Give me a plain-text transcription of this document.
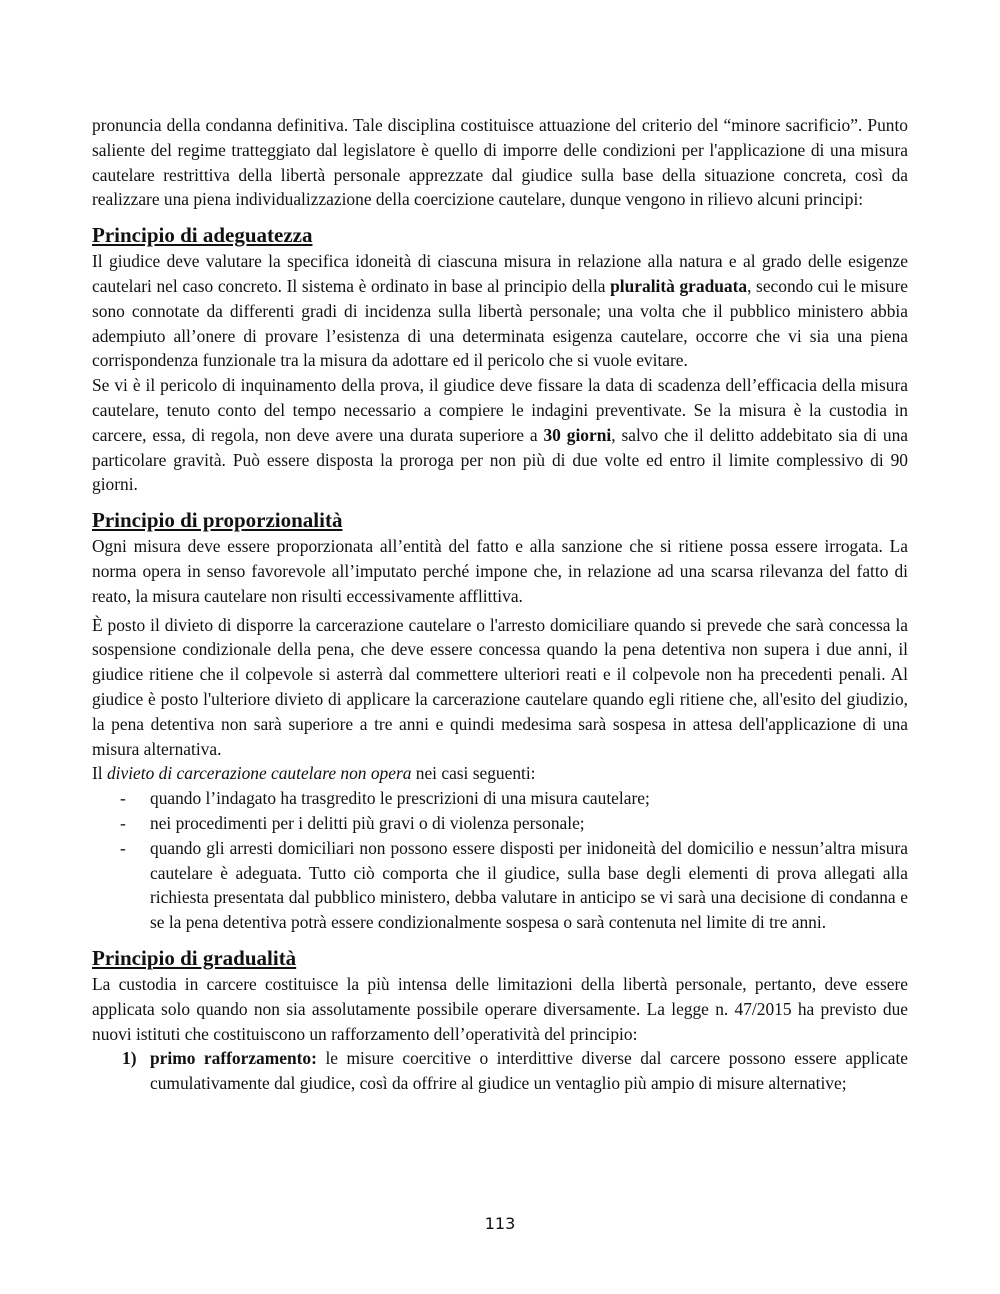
pronuncia della condanna definitiva. Tale disciplina costituisce attuazione del criterio del “minore sacrificio”. Punto saliente del regime tratteggiato dal legislatore è quello di imporre delle condizioni per l'applicazione di una misura cautelare restrittiva della libertà personale apprezzate dal giudice sulla base della situazione concreta, così da realizzare una piena individualizzazione della coercizione cautelare, dunque vengono in rilievo alcuni principi:

Principio di adeguatezza

Il giudice deve valutare la specifica idoneità di ciascuna misura in relazione alla natura e al grado delle esigenze cautelari nel caso concreto. Il sistema è ordinato in base al principio della pluralità graduata, secondo cui le misure sono connotate da differenti gradi di incidenza sulla libertà personale; una volta che il pubblico ministero abbia adempiuto all’onere di provare l’esistenza di una determinata esigenza cautelare, occorre che vi sia una piena corrispondenza funzionale tra la misura da adottare ed il pericolo che si vuole evitare.

Se vi è il pericolo di inquinamento della prova, il giudice deve fissare la data di scadenza dell’efficacia della misura cautelare, tenuto conto del tempo necessario a compiere le indagini preventivate. Se la misura è la custodia in carcere, essa, di regola, non deve avere una durata superiore a 30 giorni, salvo che il delitto addebitato sia di una particolare gravità. Può essere disposta la proroga per non più di due volte ed entro il limite complessivo di 90 giorni.

Principio di proporzionalità

Ogni misura deve essere proporzionata all’entità del fatto e alla sanzione che si ritiene possa essere irrogata. La norma opera in senso favorevole all’imputato perché impone che, in relazione ad una scarsa rilevanza del fatto di reato, la misura cautelare non risulti eccessivamente afflittiva.

È posto il divieto di disporre la carcerazione cautelare o l'arresto domiciliare quando si prevede che sarà concessa la sospensione condizionale della pena, che deve essere concessa quando la pena detentiva non supera i due anni, il giudice ritiene che il colpevole si asterrà dal commettere ulteriori reati e il colpevole non ha precedenti penali. Al giudice è posto l'ulteriore divieto di applicare la carcerazione cautelare quando egli ritiene che, all'esito del giudizio, la pena detentiva non sarà superiore a tre anni e quindi medesima sarà sospesa in attesa dell'applicazione di una misura alternativa.

Il divieto di carcerazione cautelare non opera nei casi seguenti:

- quando l’indagato ha trasgredito le prescrizioni di una misura cautelare;
- nei procedimenti per i delitti più gravi o di violenza personale;
- quando gli arresti domiciliari non possono essere disposti per inidoneità del domicilio e nessun’altra misura cautelare è adeguata. Tutto ciò comporta che il giudice, sulla base degli elementi di prova allegati alla richiesta presentata dal pubblico ministero, debba valutare in anticipo se vi sarà una decisione di condanna e se la pena detentiva potrà essere condizionalmente sospesa o sarà contenuta nel limite di tre anni.
Principio di gradualità

La custodia in carcere costituisce la più intensa delle limitazioni della libertà personale, pertanto, deve essere applicata solo quando non sia assolutamente possibile operare diversamente. La legge n. 47/2015 ha previsto due nuovi istituti che costituiscono un rafforzamento dell’operatività del principio:

1) primo rafforzamento: le misure coercitive o interdittive diverse dal carcere possono essere applicate cumulativamente dal giudice, così da offrire al giudice un ventaglio più ampio di misure alternative;
113
